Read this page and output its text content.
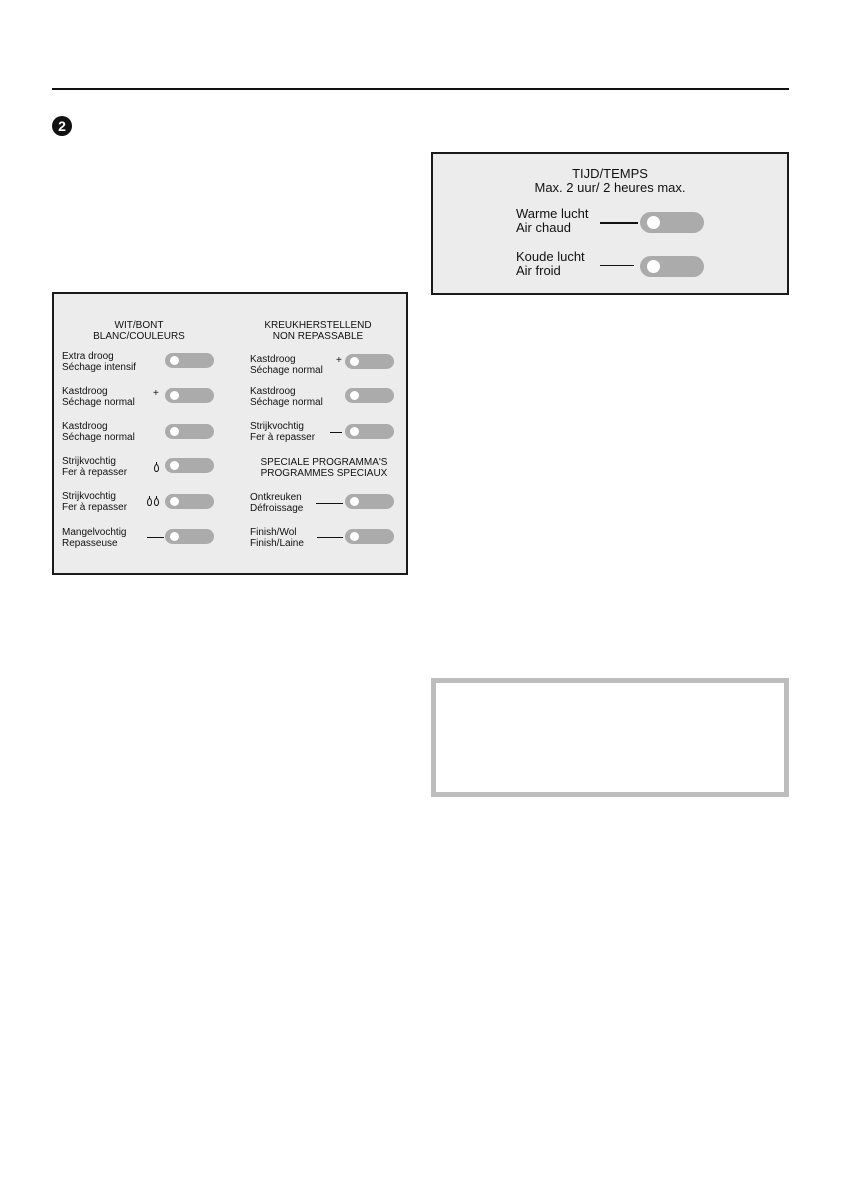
2
WIT/BONT
BLANC/COULEURS
KREUKHERSTELLEND
NON REPASSABLE
Extra droog
Séchage intensif
Kastdroog
Séchage normal
+
Kastdroog
Séchage normal
Strijkvochtig
Fer à repasser
Strijkvochtig
Fer à repasser
Mangelvochtig
Repasseuse
Kastdroog
Séchage normal
+
Kastdroog
Séchage normal
Strijkvochtig
Fer à repasser
SPECIALE PROGRAMMA'S
PROGRAMMES SPECIAUX
Ontkreuken
Défroissage
Finish/Wol
Finish/Laine
TIJD/TEMPS
Max. 2 uur/ 2 heures max.
Warme lucht
Air chaud
Koude lucht
Air froid
